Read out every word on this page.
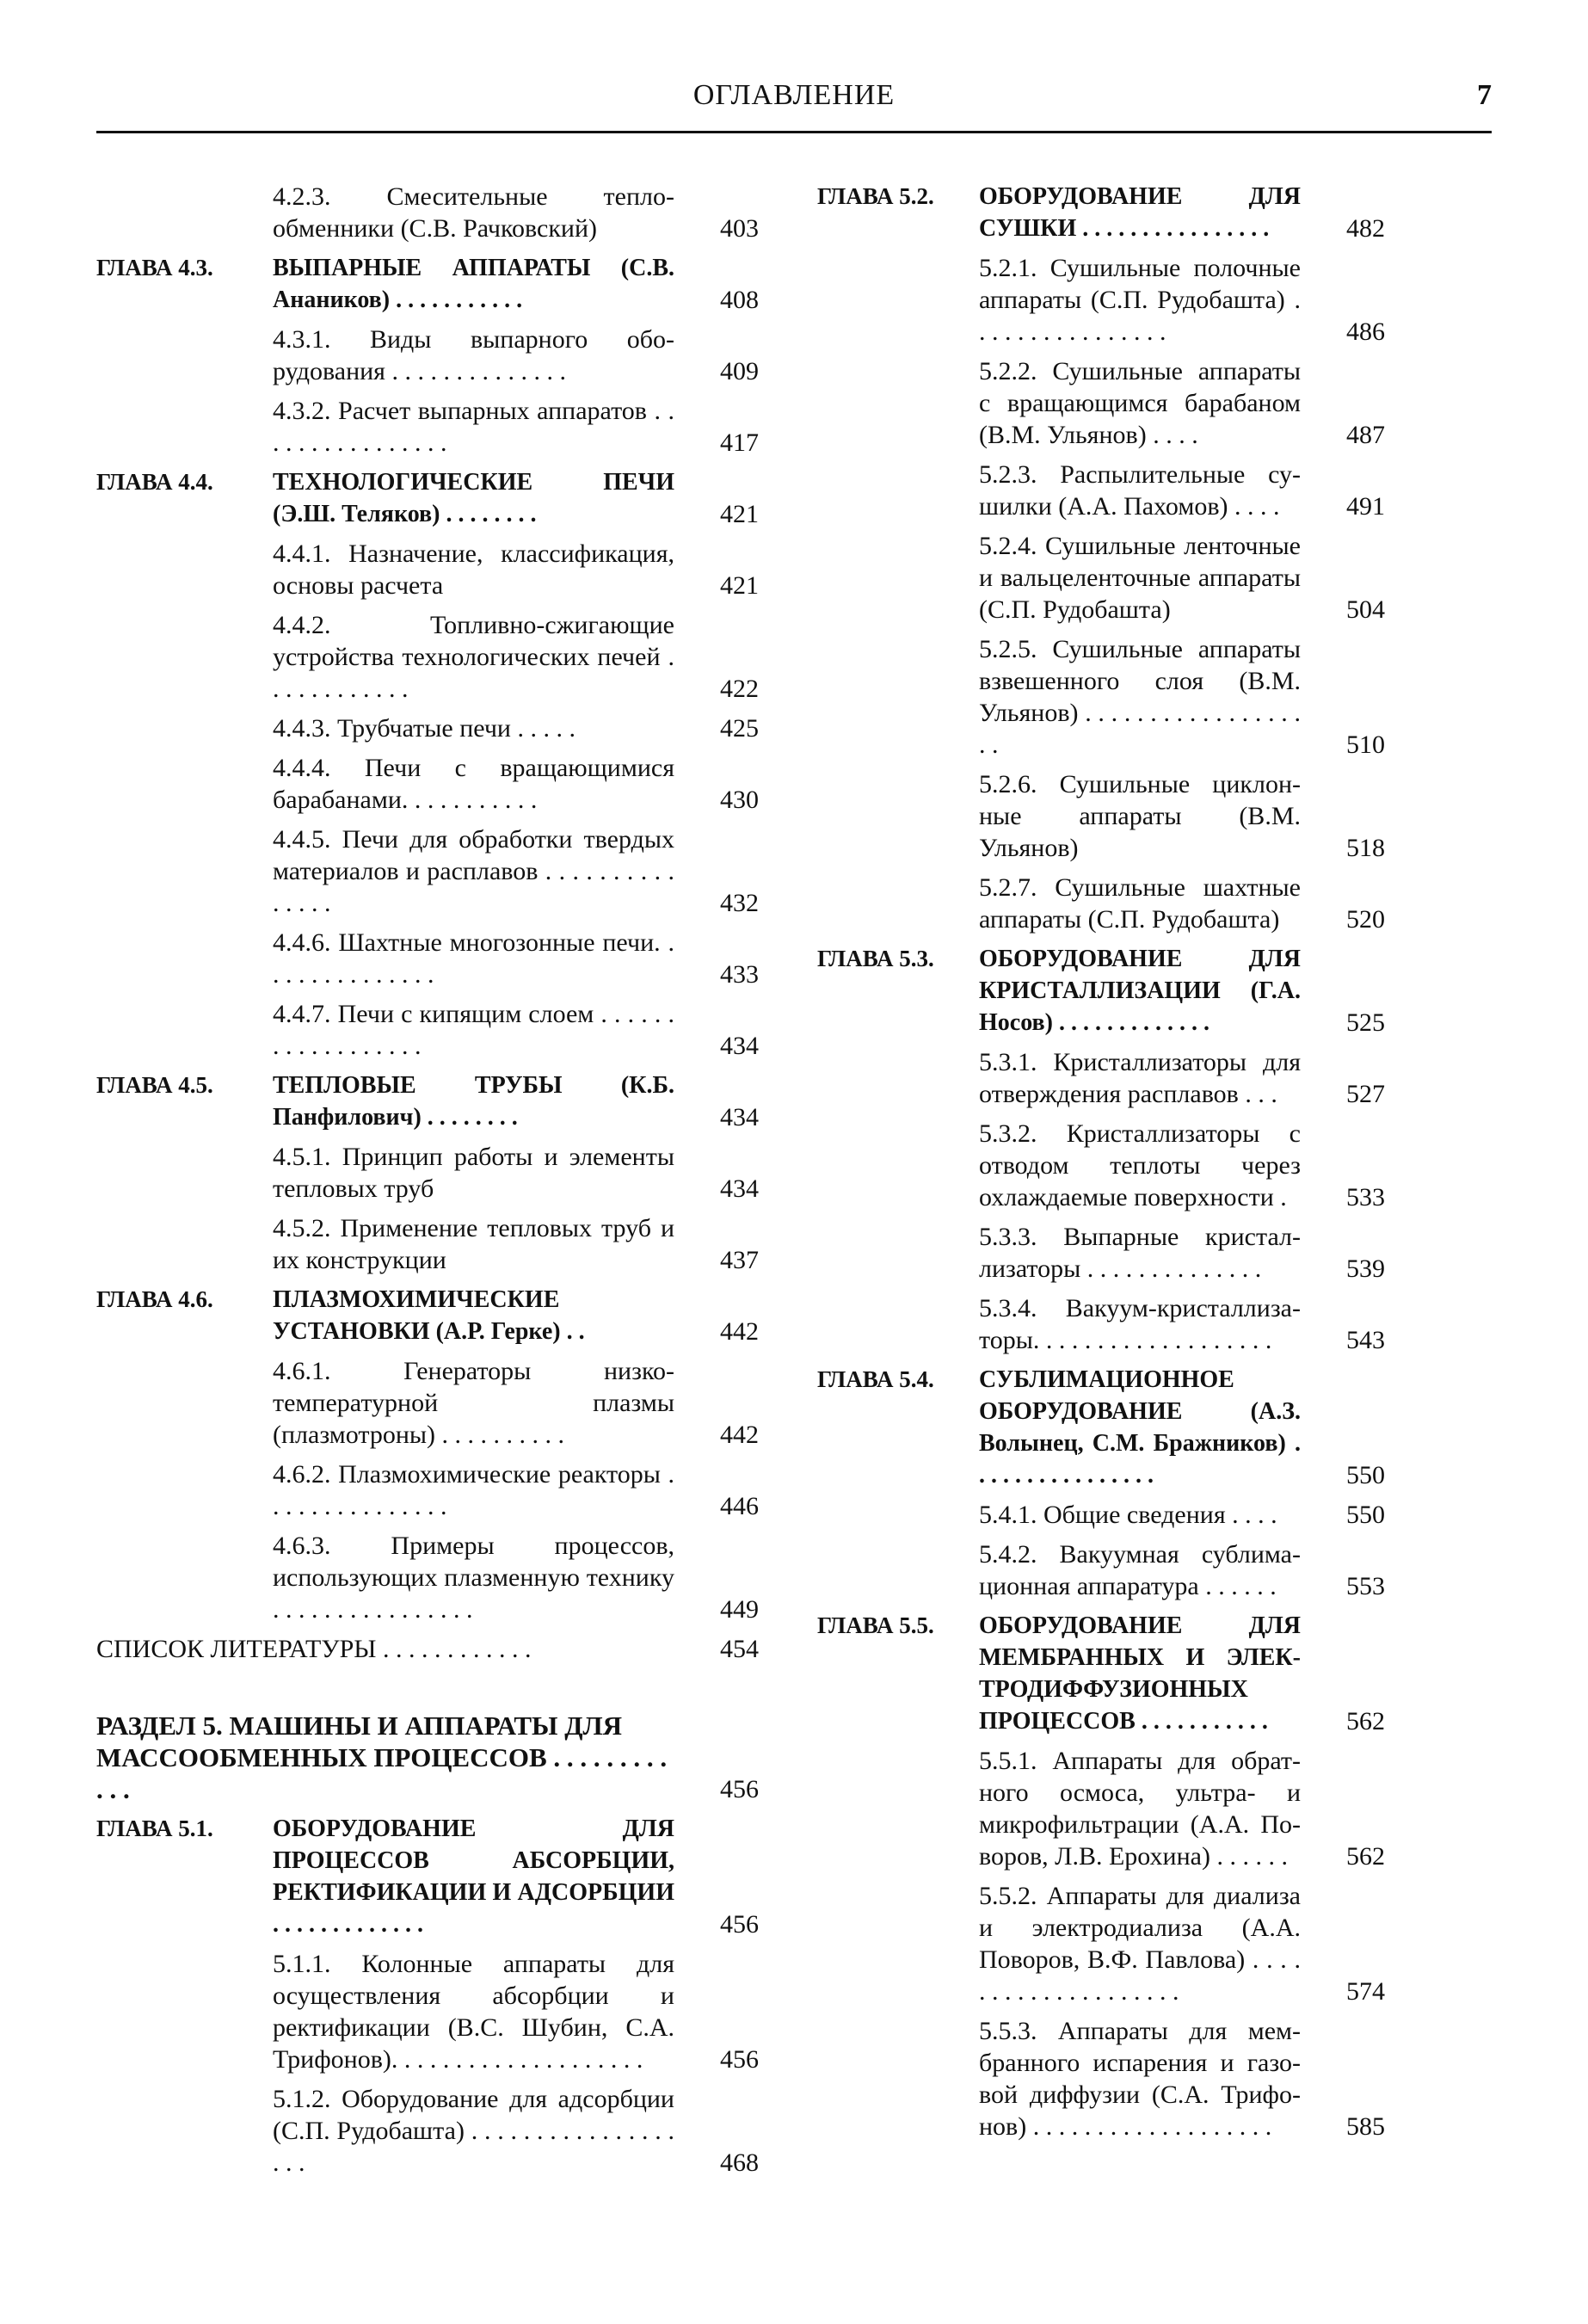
ОГЛАВЛЕНИЕ	7
4.2.3. Смесительные теплообменники (С.В. Рачковский)	403
ГЛАВА 4.3. ВЫПАРНЫЕ АППАРАТЫ (С.В. Анаников) . . . . . . . . . . .	408
4.3.1. Виды выпарного оборудования . . . . . . . . . . . . . .	409
4.3.2. Расчет выпарных аппаратов . . . . . . . . . . . . . . . .	417
ГЛАВА 4.4. ТЕХНОЛОГИЧЕСКИЕ ПЕЧИ (Э.Ш. Теляков) . . . . . . . .	421
4.4.1. Назначение, классификация, основы расчета	421
4.4.2. Топливно-сжигающие устройства технологических печей . . . . . . . . . . . .	422
4.4.3. Трубчатые печи . . . . .	425
4.4.4. Печи с вращающимися барабанами. . . . . . . . . . .	430
4.4.5. Печи для обработки твердых материалов и расплавов . . . . . . . . . . . . . . .	432
4.4.6. Шахтные многозонные печи. . . . . . . . . . . . . . .	433
4.4.7. Печи с кипящим слоем . . . . . . . . . . . . . . . . . .	434
ГЛАВА 4.5. ТЕПЛОВЫЕ ТРУБЫ (К.Б. Панфилович) . . . . . . . .	434
4.5.1. Принцип работы и элементы тепловых труб	434
4.5.2. Применение тепловых труб и их конструкции	437
ГЛАВА 4.6. ПЛАЗМОХИМИЧЕСКИЕ УСТАНОВКИ (А.Р. Герке) . .	442
4.6.1. Генераторы низкотемпературной плазмы (плазмотроны) . . . . . . . . . .	442
4.6.2. Плазмохимические реакторы . . . . . . . . . . . . . . .	446
4.6.3. Примеры процессов, использующих плазменную технику . . . . . . . . . . . . . . . .	449
СПИСОК ЛИТЕРАТУРЫ . . . . . . . . . . . .	454
РАЗДЕЛ 5. МАШИНЫ И АППАРАТЫ ДЛЯ МАССООБМЕННЫХ ПРОЦЕССОВ . . . . . . . . . . . .	456
ГЛАВА 5.1. ОБОРУДОВАНИЕ ДЛЯ ПРОЦЕССОВ АБСОРБЦИИ, РЕКТИФИКАЦИИ И АДСОРБЦИИ . . . . . . . . . . . . .	456
5.1.1. Колонные аппараты для осуществления абсорбции и ректификации (В.С. Шубин, С.А. Трифонов). . . . . . . . . . . . . . . . . . . .	456
5.1.2. Оборудование для адсорбции (С.П. Рудобашта) . . . . . . . . . . . . . . . . . . .	468
ГЛАВА 5.2. ОБОРУДОВАНИЕ ДЛЯ СУШКИ . . . . . . . . . . . . . . . .	482
5.2.1. Сушильные полочные аппараты (С.П. Рудобашта) . . . . . . . . . . . . . . . .	486
5.2.2. Сушильные аппараты с вращающимся барабаном (В.М. Ульянов) . . . .	487
5.2.3. Распылительные сушилки (А.А. Пахомов) . . . .	491
5.2.4. Сушильные ленточные и вальцеленточные аппараты (С.П. Рудобашта)	504
5.2.5. Сушильные аппараты взвешенного слоя (В.М. Ульянов) . . . . . . . . . . . . . . . . . . .	510
5.2.6. Сушильные циклонные аппараты (В.М. Ульянов)	518
5.2.7. Сушильные шахтные аппараты (С.П. Рудобашта)	520
ГЛАВА 5.3. ОБОРУДОВАНИЕ ДЛЯ КРИСТАЛЛИЗАЦИИ (Г.А. Носов) . . . . . . . . . . . . .	525
5.3.1. Кристаллизаторы для отверждения расплавов . . .	527
5.3.2. Кристаллизаторы с отводом теплоты через охлаждаемые поверхности .	533
5.3.3. Выпарные кристаллизаторы . . . . . . . . . . . . . .	539
5.3.4. Вакуум-кристаллизаторы. . . . . . . . . . . . . . . . . . .	543
ГЛАВА 5.4. СУБЛИМАЦИОННОЕ ОБОРУДОВАНИЕ (А.З. Волынец, С.М. Бражников) . . . . . . . . . . . . . . . .	550
5.4.1. Общие сведения . . . .	550
5.4.2. Вакуумная сублимационная аппаратура . . . . . .	553
ГЛАВА 5.5. ОБОРУДОВАНИЕ ДЛЯ МЕМБРАННЫХ И ЭЛЕКТРОДИФФУЗИОННЫХ ПРОЦЕССОВ . . . . . . . . . . .	562
5.5.1. Аппараты для обратного осмоса, ультра- и микрофильтрации (А.А. Поворов, Л.В. Ерохина) . . . . . .	562
5.5.2. Аппараты для диализа и электродиализа (А.А. Поворов, В.Ф. Павлова) . . . . . . . . . . . . . . . . . . . .	574
5.5.3. Аппараты для мембранного испарения и газовой диффузии (С.А. Трифонов) . . . . . . . . . . . . . . . . . . .	585
